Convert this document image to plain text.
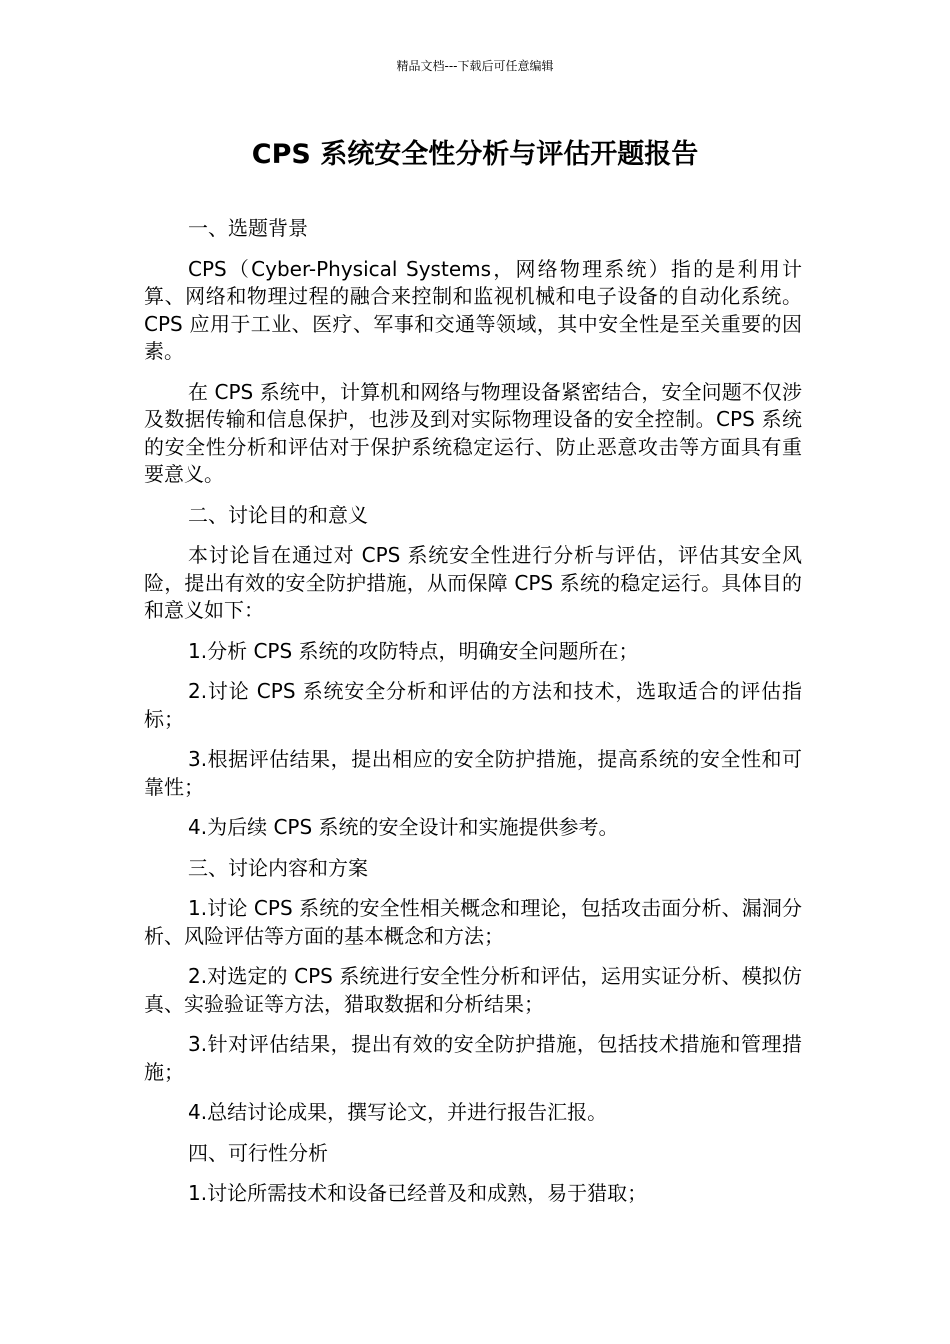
精品文档---下载后可任意编辑
CPS 系统安全性分析与评估开题报告

一、选题背景

CPS（Cyber-Physical Systems，网络物理系统）指的是利用计算、网络和物理过程的融合来控制和监视机械和电子设备的自动化系统。CPS 应用于工业、医疗、军事和交通等领域，其中安全性是至关重要的因素。

在 CPS 系统中，计算机和网络与物理设备紧密结合，安全问题不仅涉及数据传输和信息保护，也涉及到对实际物理设备的安全控制。CPS 系统的安全性分析和评估对于保护系统稳定运行、防止恶意攻击等方面具有重要意义。

二、讨论目的和意义

本讨论旨在通过对 CPS 系统安全性进行分析与评估，评估其安全风险，提出有效的安全防护措施，从而保障 CPS 系统的稳定运行。具体目的和意义如下：

1.分析 CPS 系统的攻防特点，明确安全问题所在；

2.讨论 CPS 系统安全分析和评估的方法和技术，选取适合的评估指标；

3.根据评估结果，提出相应的安全防护措施，提高系统的安全性和可靠性；

4.为后续 CPS 系统的安全设计和实施提供参考。

三、讨论内容和方案

1.讨论 CPS 系统的安全性相关概念和理论，包括攻击面分析、漏洞分析、风险评估等方面的基本概念和方法；

2.对选定的 CPS 系统进行安全性分析和评估，运用实证分析、模拟仿真、实验验证等方法，猎取数据和分析结果；

3.针对评估结果，提出有效的安全防护措施，包括技术措施和管理措施；

4.总结讨论成果，撰写论文，并进行报告汇报。

四、可行性分析

1.讨论所需技术和设备已经普及和成熟，易于猎取；
